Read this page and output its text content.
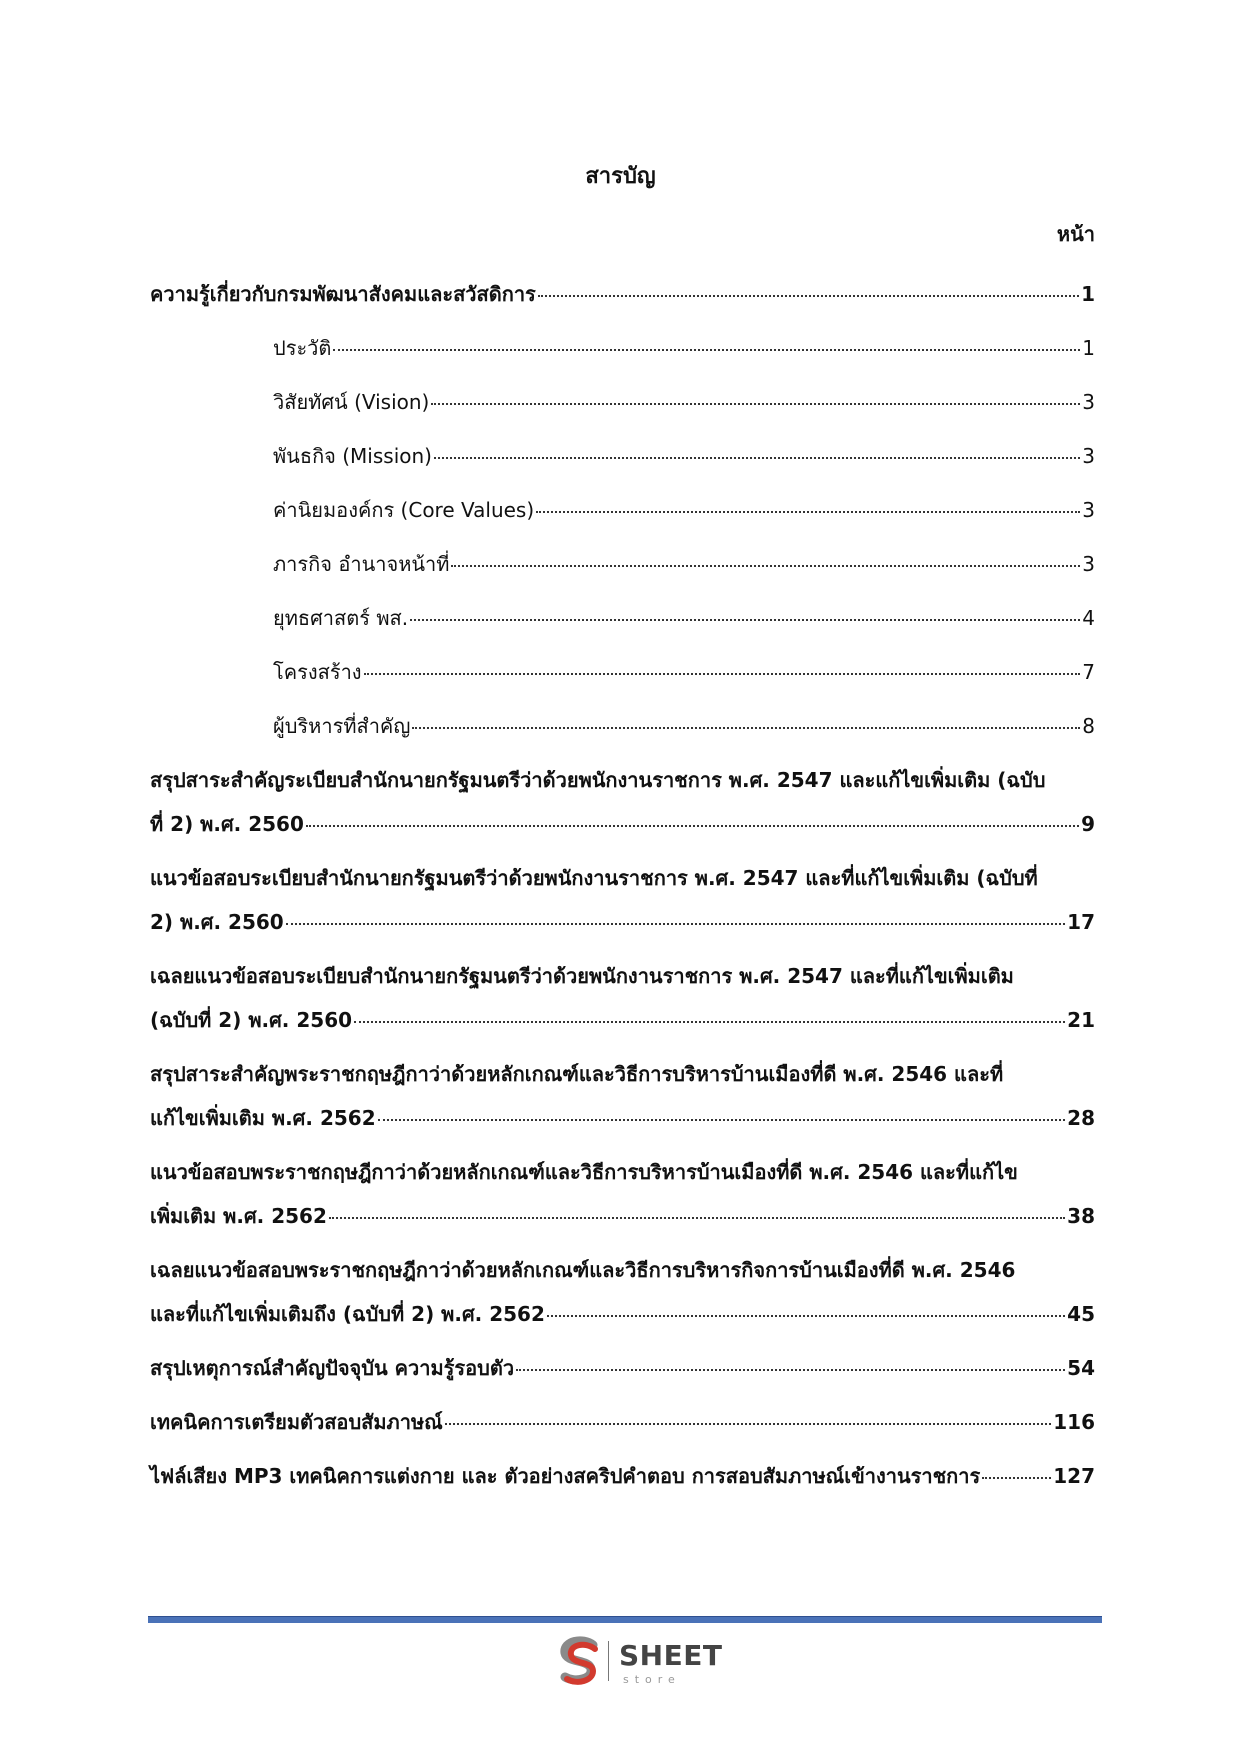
สารบัญ
หน้า
ความรู้เกี่ยวกับกรมพัฒนาสังคมและสวัสดิการ	1
ประวัติ	1
วิสัยทัศน์ (Vision)	3
พันธกิจ (Mission)	3
ค่านิยมองค์กร (Core Values)	3
ภารกิจ อำนาจหน้าที่	3
ยุทธศาสตร์ พส.	4
โครงสร้าง	7
ผู้บริหารที่สำคัญ	8
สรุปสาระสำคัญระเบียบสำนักนายกรัฐมนตรีว่าด้วยพนักงานราชการ พ.ศ. 2547 และแก้ไขเพิ่มเติม (ฉบับ
ที่ 2) พ.ศ. 2560	9
แนวข้อสอบระเบียบสำนักนายกรัฐมนตรีว่าด้วยพนักงานราชการ พ.ศ. 2547 และที่แก้ไขเพิ่มเติม (ฉบับที่
2) พ.ศ. 2560	17
เฉลยแนวข้อสอบระเบียบสำนักนายกรัฐมนตรีว่าด้วยพนักงานราชการ พ.ศ. 2547 และที่แก้ไขเพิ่มเติม
(ฉบับที่ 2) พ.ศ. 2560	21
สรุปสาระสำคัญพระราชกฤษฎีกาว่าด้วยหลักเกณฑ์และวิธีการบริหารบ้านเมืองที่ดี พ.ศ. 2546 และที่
แก้ไขเพิ่มเติม พ.ศ. 2562	28
แนวข้อสอบพระราชกฤษฎีกาว่าด้วยหลักเกณฑ์และวิธีการบริหารบ้านเมืองที่ดี พ.ศ. 2546 และที่แก้ไข
เพิ่มเติม พ.ศ. 2562	38
เฉลยแนวข้อสอบพระราชกฤษฎีกาว่าด้วยหลักเกณฑ์และวิธีการบริหารกิจการบ้านเมืองที่ดี พ.ศ. 2546
และที่แก้ไขเพิ่มเติมถึง (ฉบับที่ 2) พ.ศ. 2562	45
สรุปเหตุการณ์สำคัญปัจจุบัน ความรู้รอบตัว	54
เทคนิคการเตรียมตัวสอบสัมภาษณ์	116
ไฟล์เสียง MP3 เทคนิคการแต่งกาย และ ตัวอย่างสคริปคำตอบ การสอบสัมภาษณ์เข้างานราชการ	127
SHEET
store
